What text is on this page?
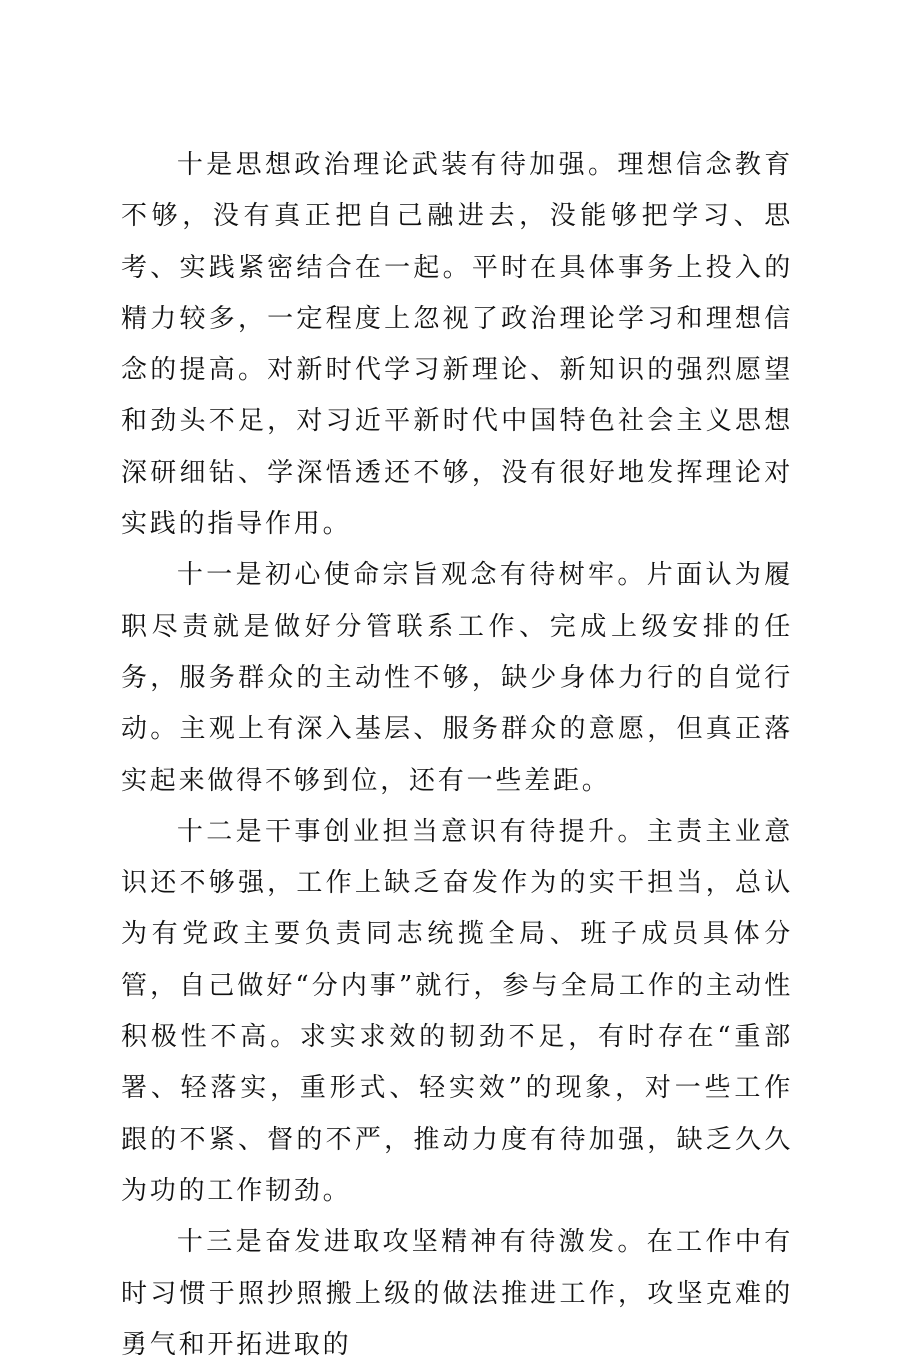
十是思想政治理论武装有待加强。理想信念教育不够，没有真正把自己融进去，没能够把学习、思考、实践紧密结合在一起。平时在具体事务上投入的精力较多，一定程度上忽视了政治理论学习和理想信念的提高。对新时代学习新理论、新知识的强烈愿望和劲头不足，对习近平新时代中国特色社会主义思想深研细钻、学深悟透还不够，没有很好地发挥理论对实践的指导作用。

十一是初心使命宗旨观念有待树牢。片面认为履职尽责就是做好分管联系工作、完成上级安排的任务，服务群众的主动性不够，缺少身体力行的自觉行动。主观上有深入基层、服务群众的意愿，但真正落实起来做得不够到位，还有一些差距。

十二是干事创业担当意识有待提升。主责主业意识还不够强，工作上缺乏奋发作为的实干担当，总认为有党政主要负责同志统揽全局、班子成员具体分管，自己做好“分内事”就行，参与全局工作的主动性积极性不高。求实求效的韧劲不足，有时存在“重部署、轻落实，重形式、轻实效”的现象，对一些工作跟的不紧、督的不严，推动力度有待加强，缺乏久久为功的工作韧劲。

十三是奋发进取攻坚精神有待激发。在工作中有时习惯于照抄照搬上级的做法推进工作，攻坚克难的勇气和开拓进取的
